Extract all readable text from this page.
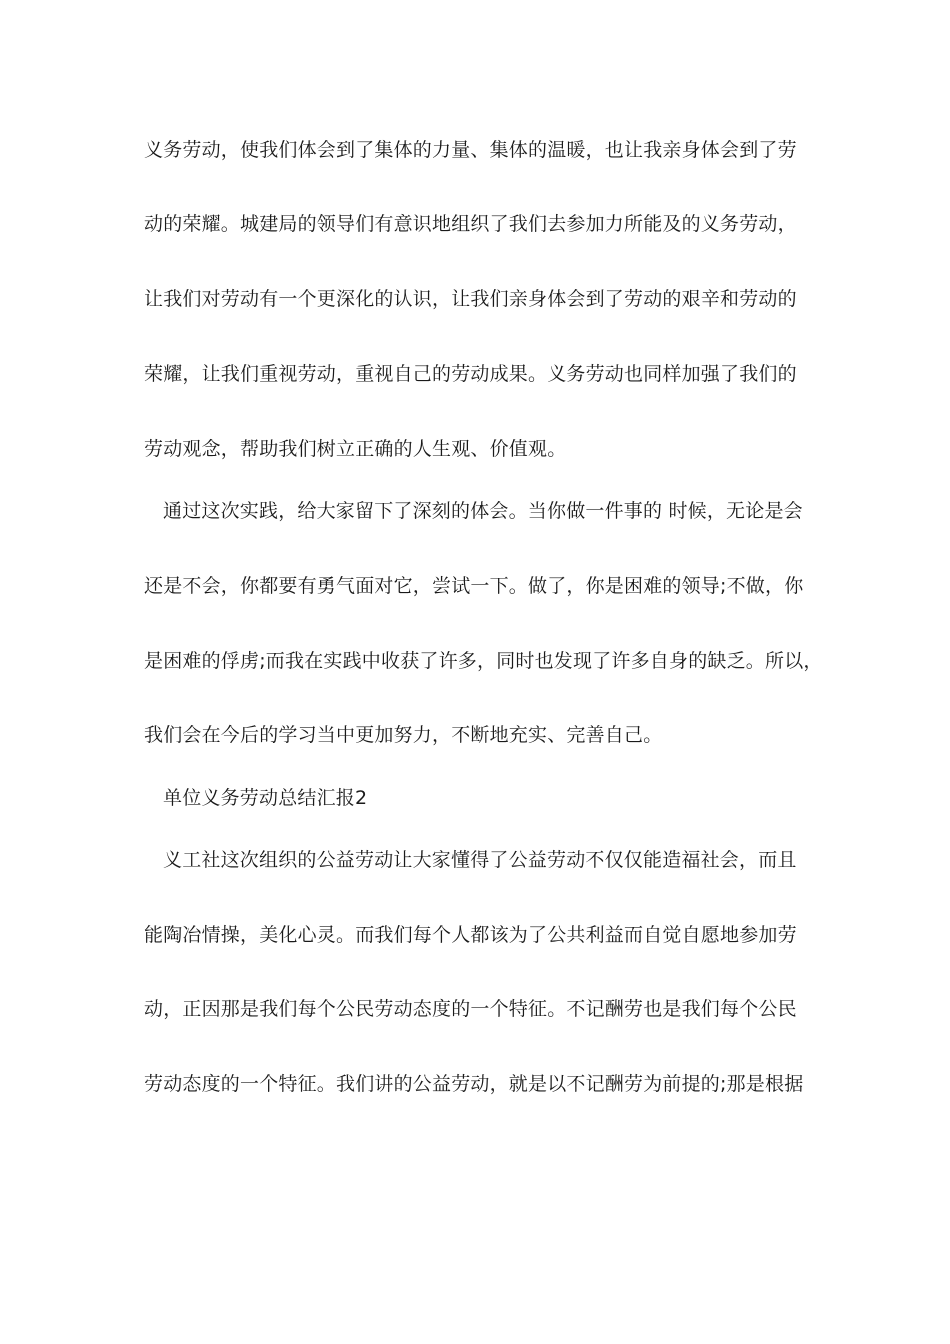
义务劳动，使我们体会到了集体的力量、集体的温暖，也让我亲身体会到了劳
动的荣耀。城建局的领导们有意识地组织了我们去参加力所能及的义务劳动，
让我们对劳动有一个更深化的认识，让我们亲身体会到了劳动的艰辛和劳动的
荣耀，让我们重视劳动，重视自己的劳动成果。义务劳动也同样加强了我们的
劳动观念，帮助我们树立正确的人生观、价值观。
通过这次实践，给大家留下了深刻的体会。当你做一件事的 时候，无论是会
还是不会，你都要有勇气面对它，尝试一下。做了，你是困难的领导;不做，你
是困难的俘虏;而我在实践中收获了许多，同时也发现了许多自身的缺乏。所以，
我们会在今后的学习当中更加努力，不断地充实、完善自己。
单位义务劳动总结汇报2
义工社这次组织的公益劳动让大家懂得了公益劳动不仅仅能造福社会，而且
能陶冶情操，美化心灵。而我们每个人都该为了公共利益而自觉自愿地参加劳
动，正因那是我们每个公民劳动态度的一个特征。不记酬劳也是我们每个公民
劳动态度的一个特征。我们讲的公益劳动，就是以不记酬劳为前提的;那是根据
